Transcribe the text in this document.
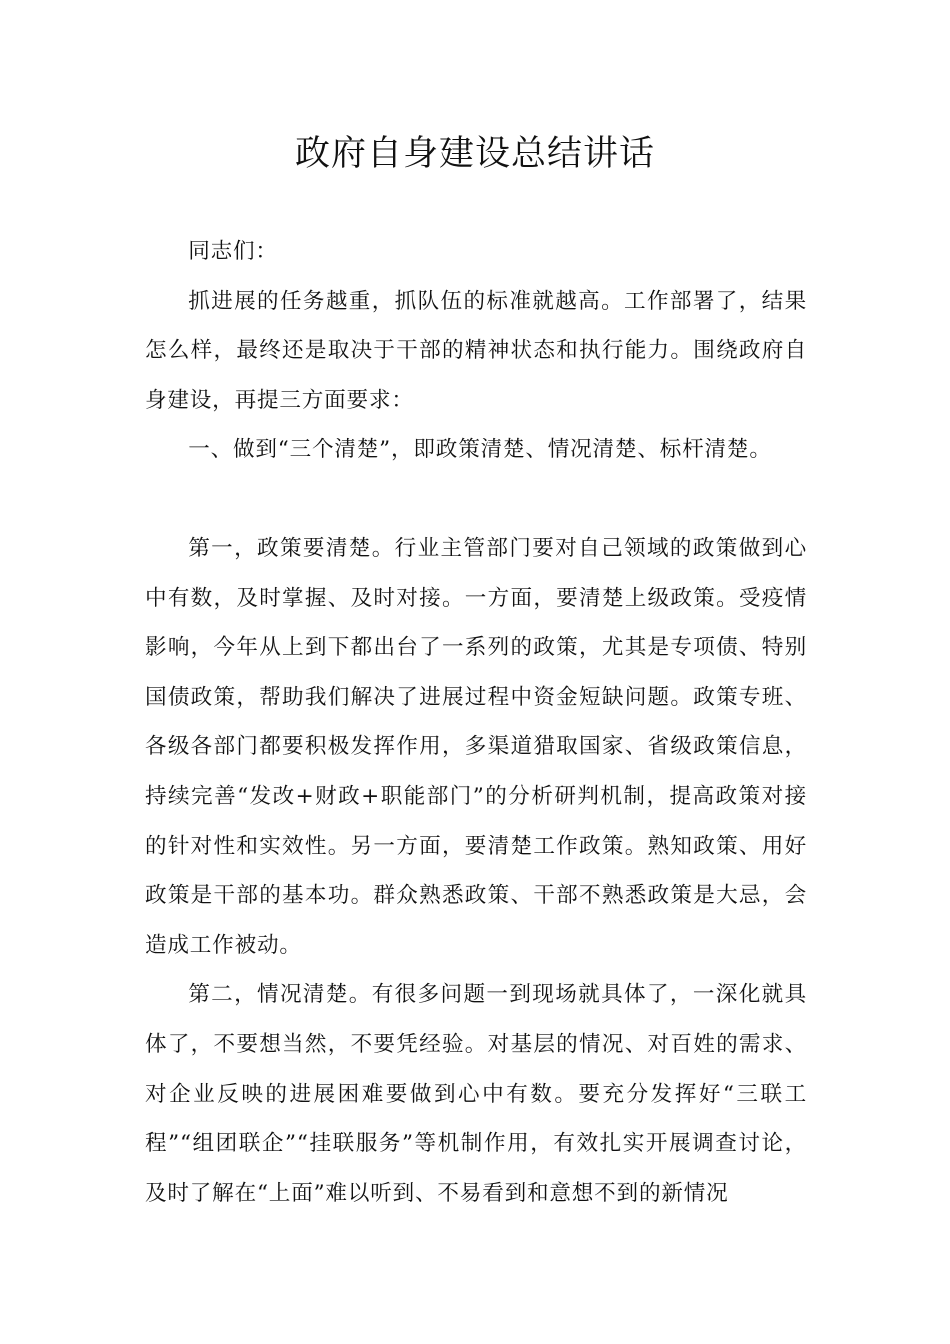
政府自身建设总结讲话

同志们：

抓进展的任务越重，抓队伍的标准就越高。工作部署了，结果怎么样，最终还是取决于干部的精神状态和执行能力。围绕政府自身建设，再提三方面要求：

一、做到“三个清楚”，即政策清楚、情况清楚、标杆清楚。

第一，政策要清楚。行业主管部门要对自己领域的政策做到心中有数，及时掌握、及时对接。一方面，要清楚上级政策。受疫情影响，今年从上到下都出台了一系列的政策，尤其是专项债、特别国债政策，帮助我们解决了进展过程中资金短缺问题。政策专班、各级各部门都要积极发挥作用，多渠道猎取国家、省级政策信息，持续完善“发改+财政+职能部门”的分析研判机制，提高政策对接的针对性和实效性。另一方面，要清楚工作政策。熟知政策、用好政策是干部的基本功。群众熟悉政策、干部不熟悉政策是大忌，会造成工作被动。

第二，情况清楚。有很多问题一到现场就具体了，一深化就具体了，不要想当然，不要凭经验。对基层的情况、对百姓的需求、对企业反映的进展困难要做到心中有数。要充分发挥好“三联工程”“组团联企”“挂联服务”等机制作用，有效扎实开展调查讨论，及时了解在“上面”难以听到、不易看到和意想不到的新情况
